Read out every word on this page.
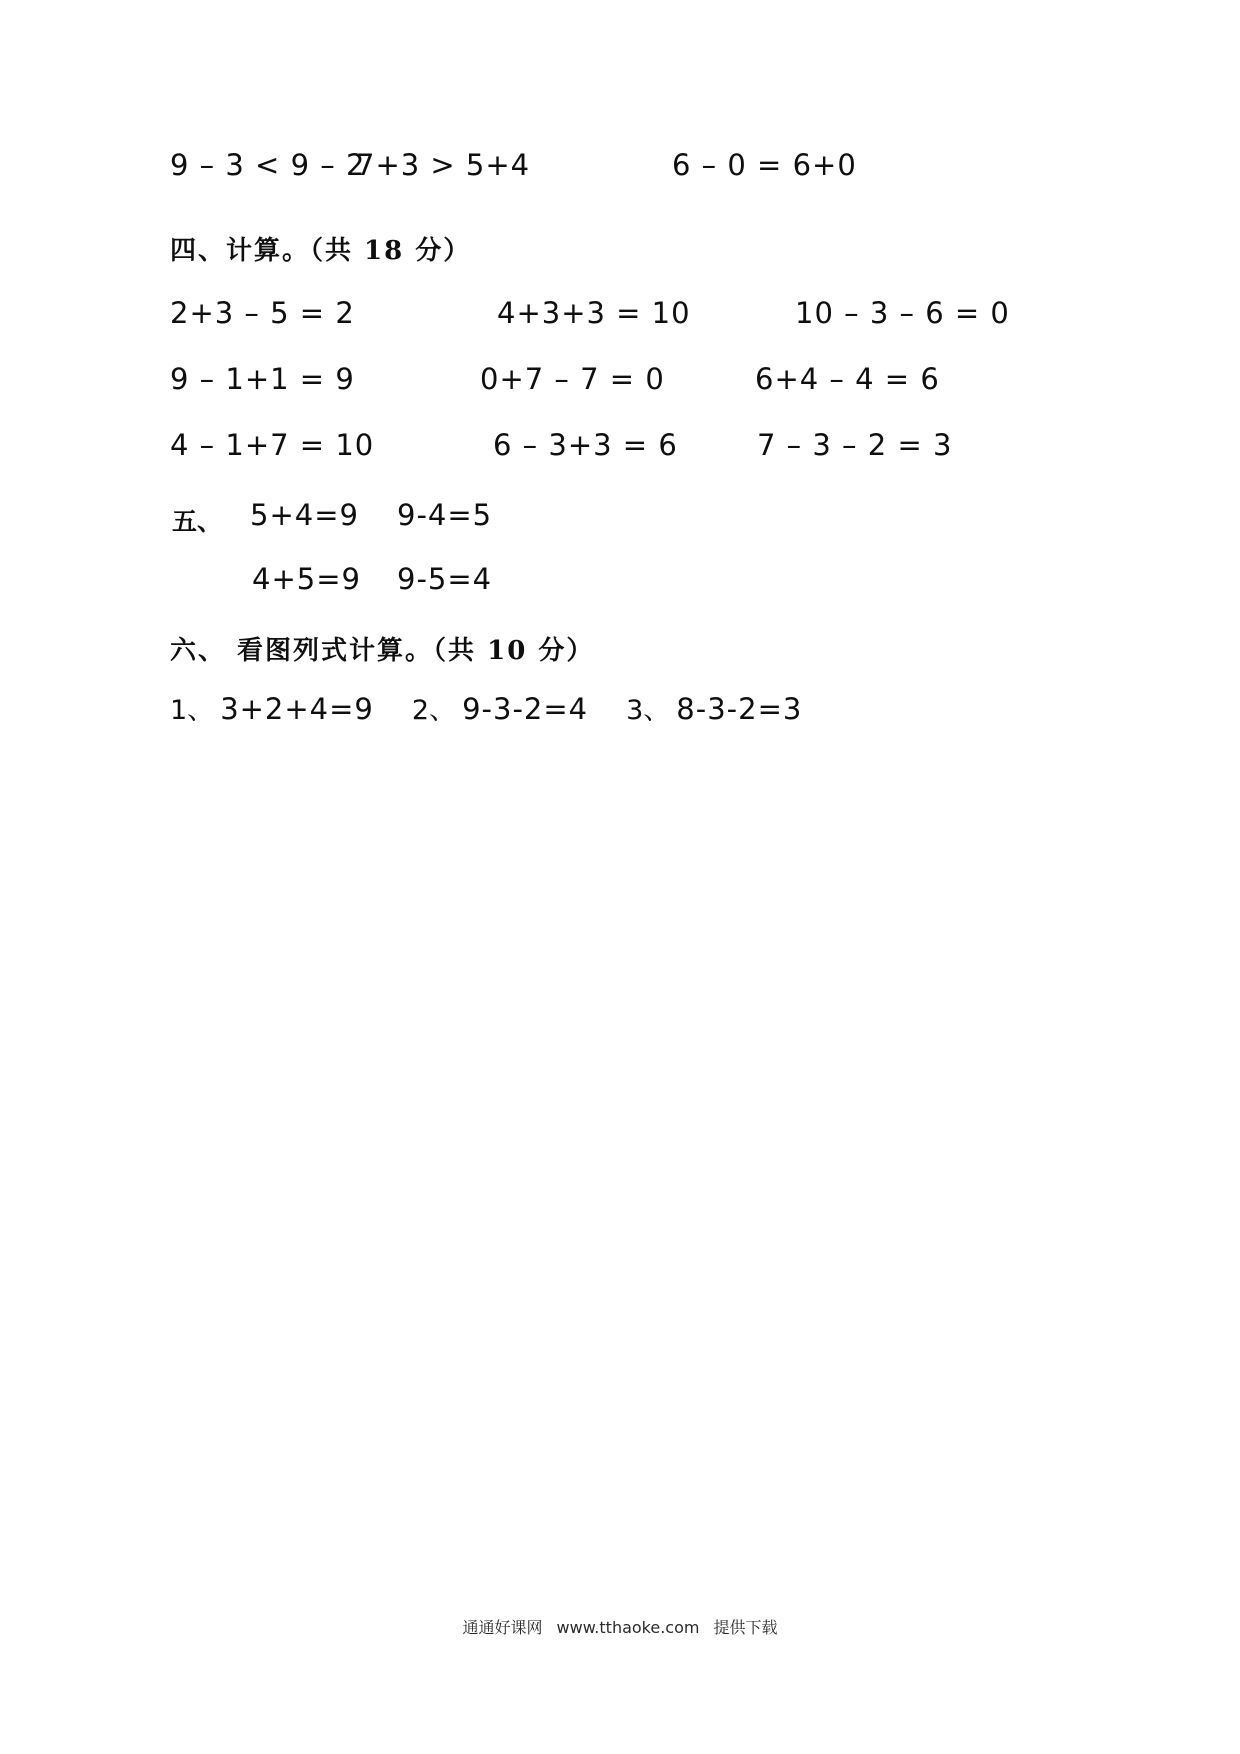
9 – 3 < 9 – 2
7+3 > 5+4	6 – 0 = 6+0
四、计算。（共 18 分）
2+3 – 5 = 2	4+3+3 = 10	10 – 3 – 6 = 0
9 – 1+1 = 9	0+7 – 7 = 0	6+4 – 4 = 6
4 – 1+7 = 10	6 – 3+3 = 6	7 – 3 – 2 = 3
五、 5+4=9 9-4=5
4+5=9 9-5=4
六、 看图列式计算。（共 10 分）
1、 3+2+4=9 2、 9-3-2=4 3、 8-3-2=3
通通好课网 www.tthaoke.com 提供下载
